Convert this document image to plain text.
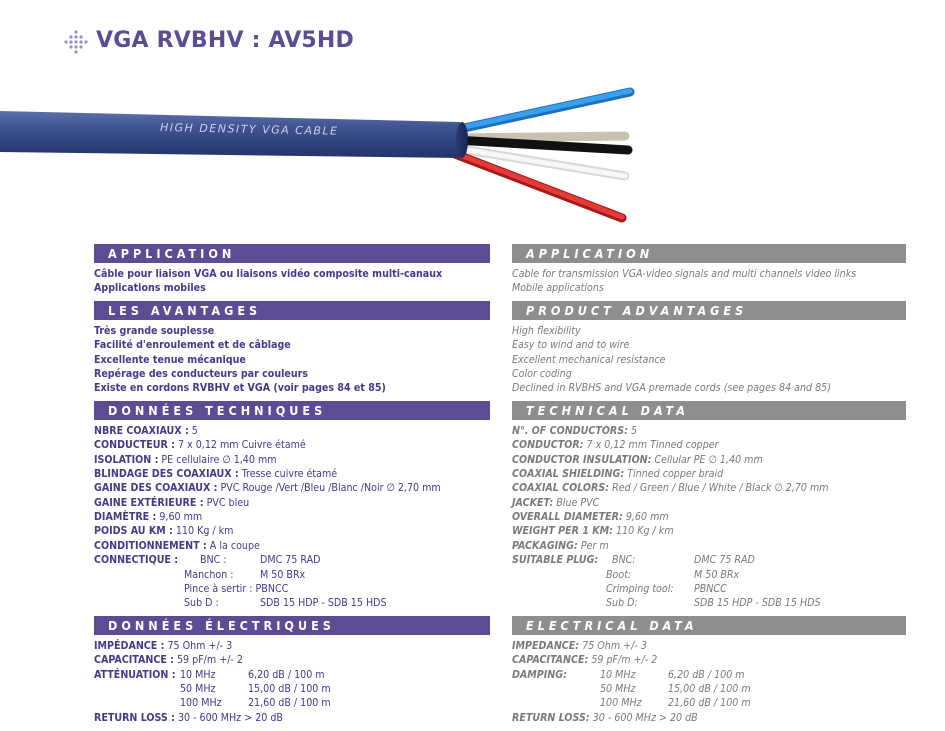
VGA RVBHV : AV5HD
HIGH DENSITY VGA CABLE
APPLICATION
Câble pour liaison VGA ou liaisons vidéo composite multi-canaux
Applications mobiles
LES AVANTAGES
Très grande souplesse
Facilité d'enroulement et de câblage
Excellente tenue mécanique
Repérage des conducteurs par couleurs
Existe en cordons RVBHV et VGA (voir pages 84 et 85)
DONNÉES TECHNIQUES
NBRE COAXIAUX : 5
CONDUCTEUR : 7 x 0,12 mm Cuivre étamé
ISOLATION : PE cellulaire ∅ 1,40 mm
BLINDAGE DES COAXIAUX : Tresse cuivre étamé
GAINE DES COAXIAUX : PVC Rouge /Vert /Bleu /Blanc /Noir ∅ 2,70 mm
GAINE EXTÉRIEURE : PVC bleu
DIAMÈTRE : 9,60 mm
POIDS AU KM : 110 Kg / km
CONDITIONNEMENT : A la coupe
CONNECTIQUE : BNC :	DMC 75 RAD
Manchon :	M 50 BRx
Pince à sertir : PBNCC
Sub D :	SDB 15 HDP - SDB 15 HDS
DONNÉES ÉLECTRIQUES
IMPÉDANCE : 75 Ohm +/- 3
CAPACITANCE : 59 pF/m +/- 2
ATTÉNUATION : 10 MHz	6,20 dB / 100 m
50 MHz	15,00 dB / 100 m
100 MHz 21,60 dB / 100 m
RETURN LOSS : 30 - 600 MHz > 20 dB
APPLICATION
Cable for transmission VGA-video signals and multi channels video links
Mobile applications
PRODUCT ADVANTAGES
High flexibility
Easy to wind and to wire
Excellent mechanical resistance
Color coding
Declined in RVBHS and VGA premade cords (see pages 84 and 85)
TECHNICAL DATA
N°. OF CONDUCTORS: 5
CONDUCTOR: 7 x 0,12 mm Tinned copper
CONDUCTOR INSULATION: Cellular PE ∅ 1,40 mm
COAXIAL SHIELDING: Tinned copper braid
COAXIAL COLORS: Red / Green / Blue / White / Black ∅ 2,70 mm
JACKET: Blue PVC
OVERALL DIAMETER: 9,60 mm
WEIGHT PER 1 KM: 110 Kg / km
PACKAGING: Per m
SUITABLE PLUG: BNC:	DMC 75 RAD
Boot:	M 50 BRx
Crimping tool: PBNCC
Sub D:	SDB 15 HDP - SDB 15 HDS
ELECTRICAL DATA
IMPEDANCE: 75 Ohm +/- 3
CAPACITANCE: 59 pF/m +/- 2
DAMPING:	10 MHz	6,20 dB / 100 m
50 MHz	15,00 dB / 100 m
100 MHz 21,60 dB / 100 m
RETURN LOSS: 30 - 600 MHz > 20 dB
